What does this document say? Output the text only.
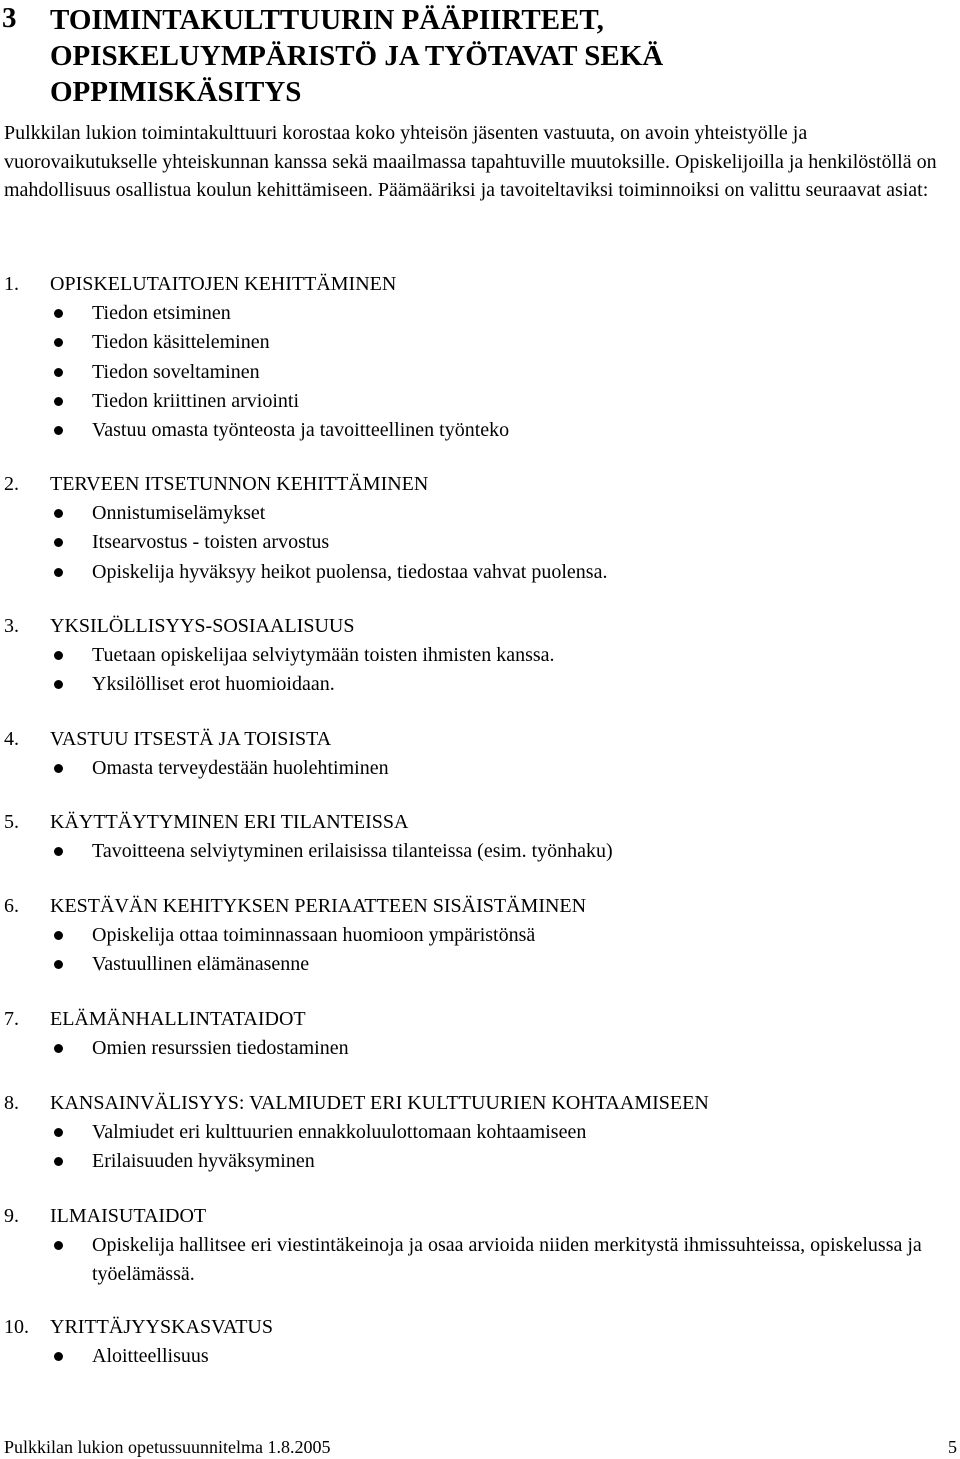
3 TOIMINTAKULTTUURIN PÄÄPIIRTEET,
OPISKELUYMPÄRISTÖ JA TYÖTAVAT SEKÄ
OPPIMISKÄSITYS
Pulkkilan lukion toimintakulttuuri korostaa koko yhteisön jäsenten vastuuta, on avoin yhteistyölle ja vuorovaikutukselle yhteiskunnan kanssa sekä maailmassa tapahtuville muutoksille. Opiskelijoilla ja henkilöstöllä on mahdollisuus osallistua koulun kehittämiseen. Päämääriksi ja tavoiteltaviksi toiminnoiksi on valittu seuraavat asiat:
1. OPISKELUTAITOJEN KEHITTÄMINEN
Tiedon etsiminen
Tiedon käsitteleminen
Tiedon soveltaminen
Tiedon kriittinen arviointi
Vastuu omasta työnteosta ja tavoitteellinen työnteko
2. TERVEEN ITSETUNNON KEHITTÄMINEN
Onnistumiselämykset
Itsearvostus - toisten arvostus
Opiskelija hyväksyy heikot puolensa, tiedostaa vahvat puolensa.
3. YKSILÖLLISYYS-SOSIAALISUUS
Tuetaan opiskelijaa selviytymään toisten ihmisten kanssa.
Yksilölliset erot huomioidaan.
4. VASTUU ITSESTÄ JA TOISISTA
Omasta terveydestään huolehtiminen
5. KÄYTTÄYTYMINEN ERI TILANTEISSA
Tavoitteena selviytyminen erilaisissa tilanteissa (esim. työnhaku)
6. KESTÄVÄN KEHITYKSEN PERIAATTEEN SISÄISTÄMINEN
Opiskelija ottaa toiminnassaan huomioon ympäristönsä
Vastuullinen elämänasenne
7. ELÄMÄNHALLINTATAIDOT
Omien resurssien tiedostaminen
8. KANSAINVÄLISYYS: VALMIUDET ERI KULTTUURIEN KOHTAAMISEEN
Valmiudet eri kulttuurien ennakkoluulottomaan kohtaamiseen
Erilaisuuden hyväksyminen
9. ILMAISUTAIDOT
Opiskelija hallitsee eri viestintäkeinoja ja osaa arvioida niiden merkitystä ihmissuhteissa, opiskelussa ja työelämässä.
10. YRITTÄJYYSKASVATUS
Aloitteellisuus
Pulkkilan lukion opetussuunnitelma 1.8.2005	5
